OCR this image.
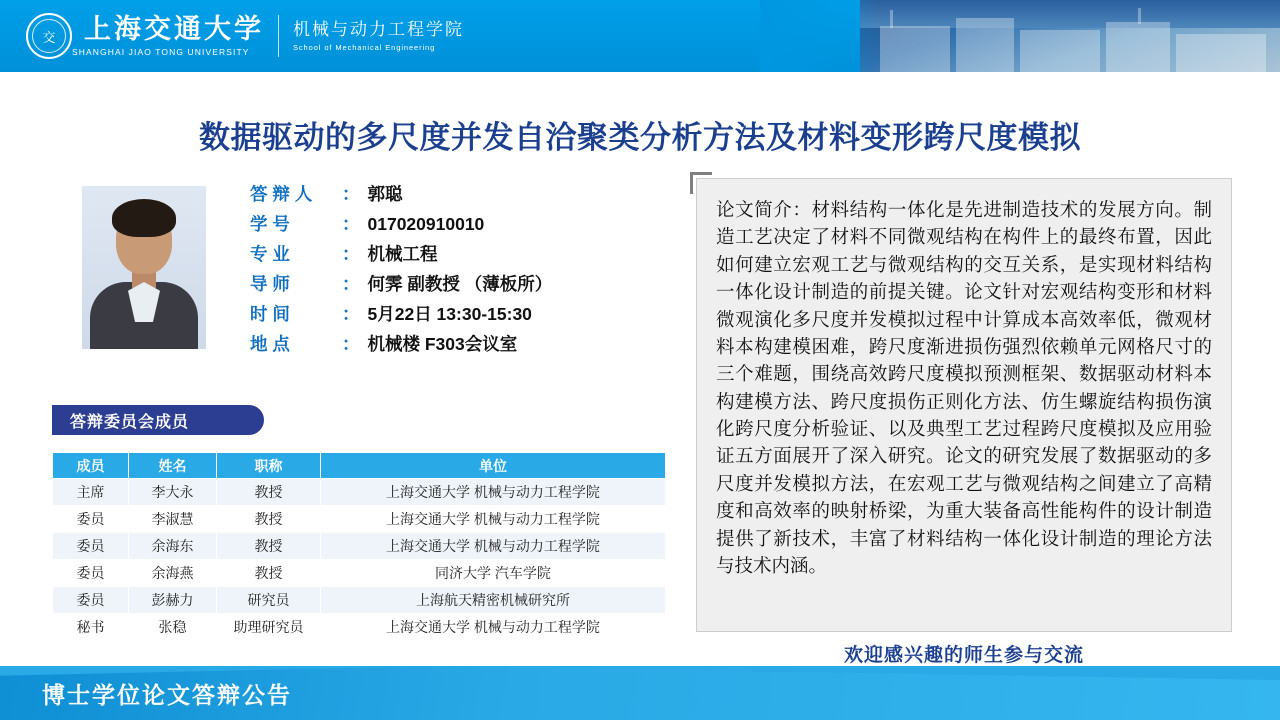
交 上海交通大学
SHANGHAI JIAO TONG UNIVERSITY
机械与动力工程学院
School of Mechanical Engineering
数据驱动的多尺度并发自洽聚类分析方法及材料变形跨尺度模拟
答 辩 人	： 郭聪
学 号	： 017020910010
专 业	： 机械工程
导 师	： 何霁 副教授 （薄板所）
时 间	： 5月22日 13:30-15:30
地 点	： 机械楼 F303会议室
答辩委员会成员
成员	姓名	职称	单位
主席	李大永	教授	上海交通大学 机械与动力工程学院
委员	李淑慧	教授	上海交通大学 机械与动力工程学院
委员	余海东	教授	上海交通大学 机械与动力工程学院
委员	余海燕	教授	同济大学 汽车学院
委员	彭赫力	研究员	上海航天精密机械研究所
秘书	张稳	助理研究员	上海交通大学 机械与动力工程学院
论文简介：材料结构一体化是先进制造技术的发展方向。制造工艺决定了材料不同微观结构在构件上的最终布置，因此如何建立宏观工艺与微观结构的交互关系，是实现材料结构一体化设计制造的前提关键。论文针对宏观结构变形和材料微观演化多尺度并发模拟过程中计算成本高效率低，微观材料本构建模困难，跨尺度渐进损伤强烈依赖单元网格尺寸的三个难题，围绕高效跨尺度模拟预测框架、数据驱动材料本构建模方法、跨尺度损伤正则化方法、仿生螺旋结构损伤演化跨尺度分析验证、以及典型工艺过程跨尺度模拟及应用验证五方面展开了深入研究。论文的研究发展了数据驱动的多尺度并发模拟方法，在宏观工艺与微观结构之间建立了高精度和高效率的映射桥梁，为重大装备高性能构件的设计制造提供了新技术，丰富了材料结构一体化设计制造的理论方法与技术内涵。
欢迎感兴趣的师生参与交流
博士学位论文答辩公告
